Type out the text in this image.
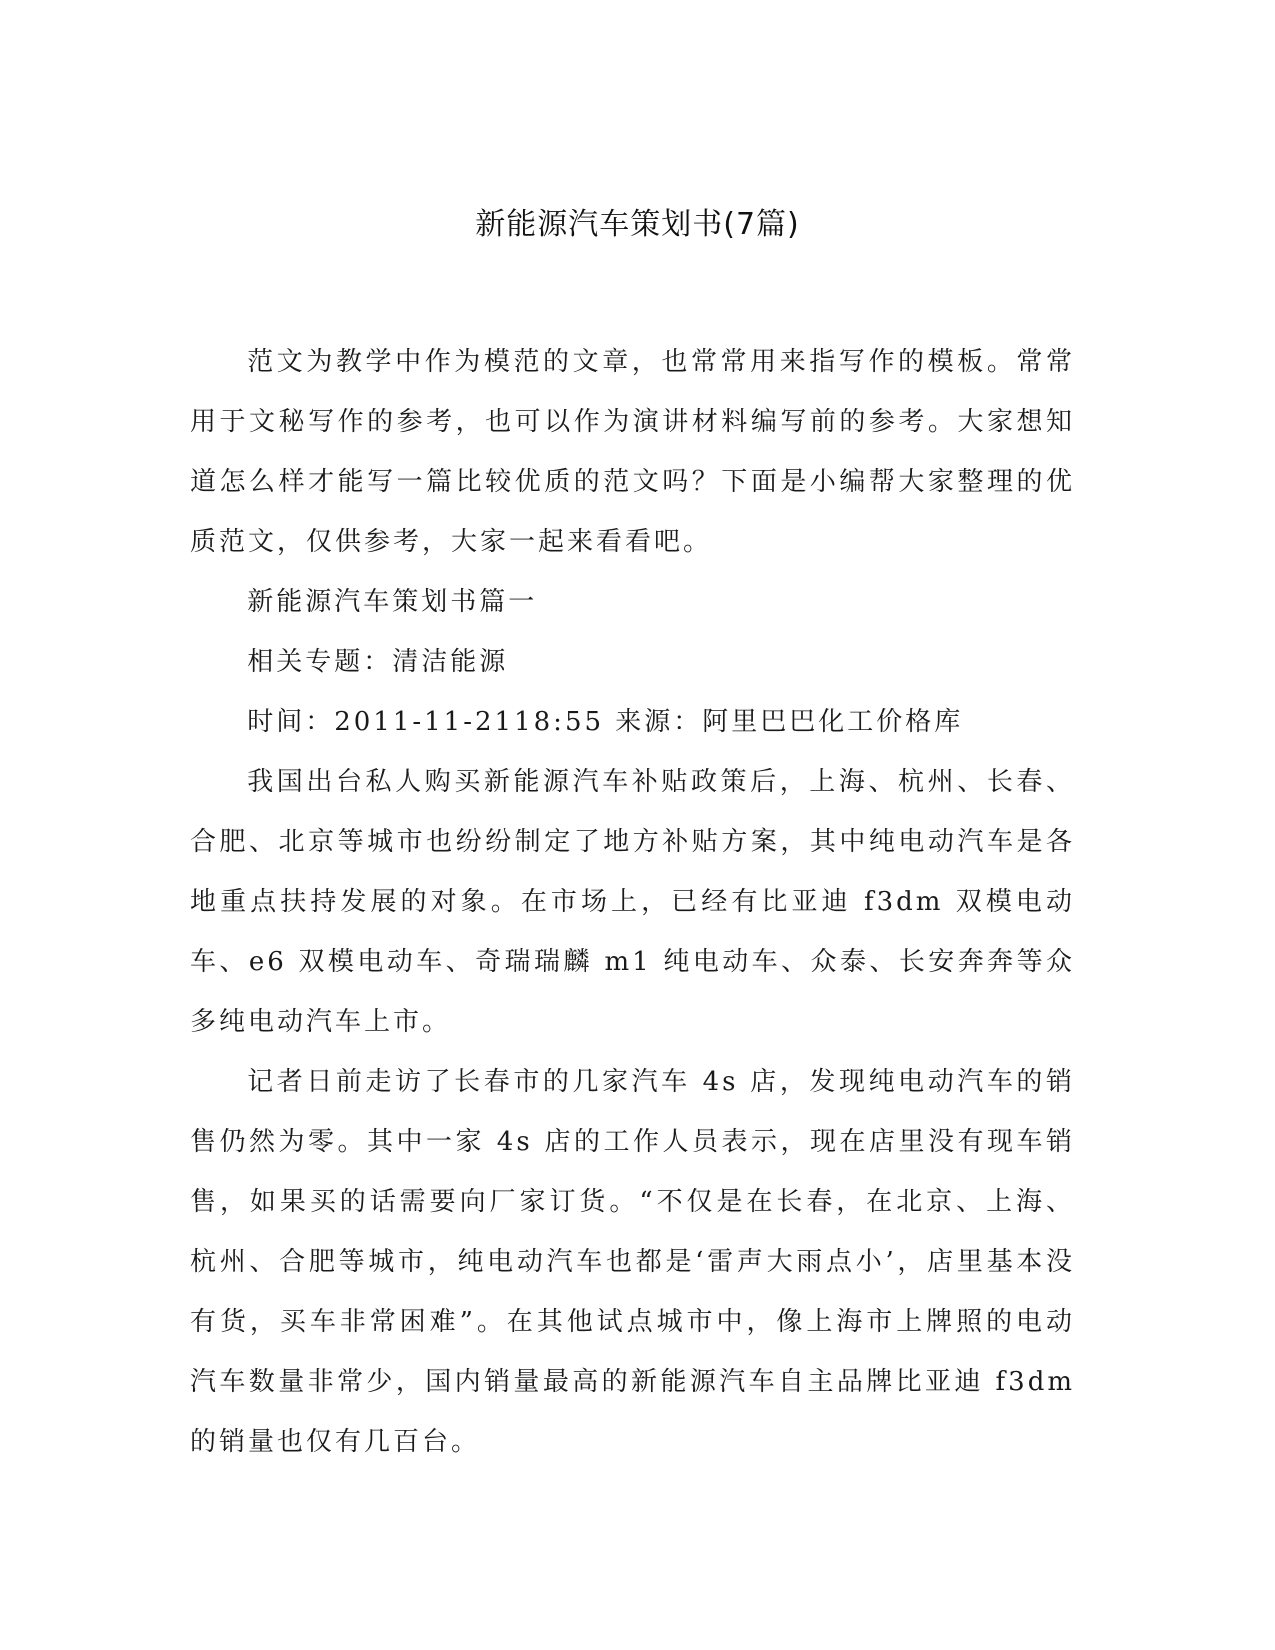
新能源汽车策划书(7篇)

范文为教学中作为模范的文章，也常常用来指写作的模板。常常用于文秘写作的参考，也可以作为演讲材料编写前的参考。大家想知道怎么样才能写一篇比较优质的范文吗？下面是小编帮大家整理的优质范文，仅供参考，大家一起来看看吧。

新能源汽车策划书篇一

相关专题：清洁能源

时间：2011-11-2118:55 来源：阿里巴巴化工价格库

我国出台私人购买新能源汽车补贴政策后，上海、杭州、长春、合肥、北京等城市也纷纷制定了地方补贴方案，其中纯电动汽车是各地重点扶持发展的对象。在市场上，已经有比亚迪 f3dm 双模电动车、e6 双模电动车、奇瑞瑞麟 m1 纯电动车、众泰、长安奔奔等众多纯电动汽车上市。

记者日前走访了长春市的几家汽车 4s 店，发现纯电动汽车的销售仍然为零。其中一家 4s 店的工作人员表示，现在店里没有现车销售，如果买的话需要向厂家订货。“不仅是在长春，在北京、上海、杭州、合肥等城市，纯电动汽车也都是‘雷声大雨点小’，店里基本没有货，买车非常困难”。在其他试点城市中，像上海市上牌照的电动汽车数量非常少，国内销量最高的新能源汽车自主品牌比亚迪 f3dm 的销量也仅有几百台。
